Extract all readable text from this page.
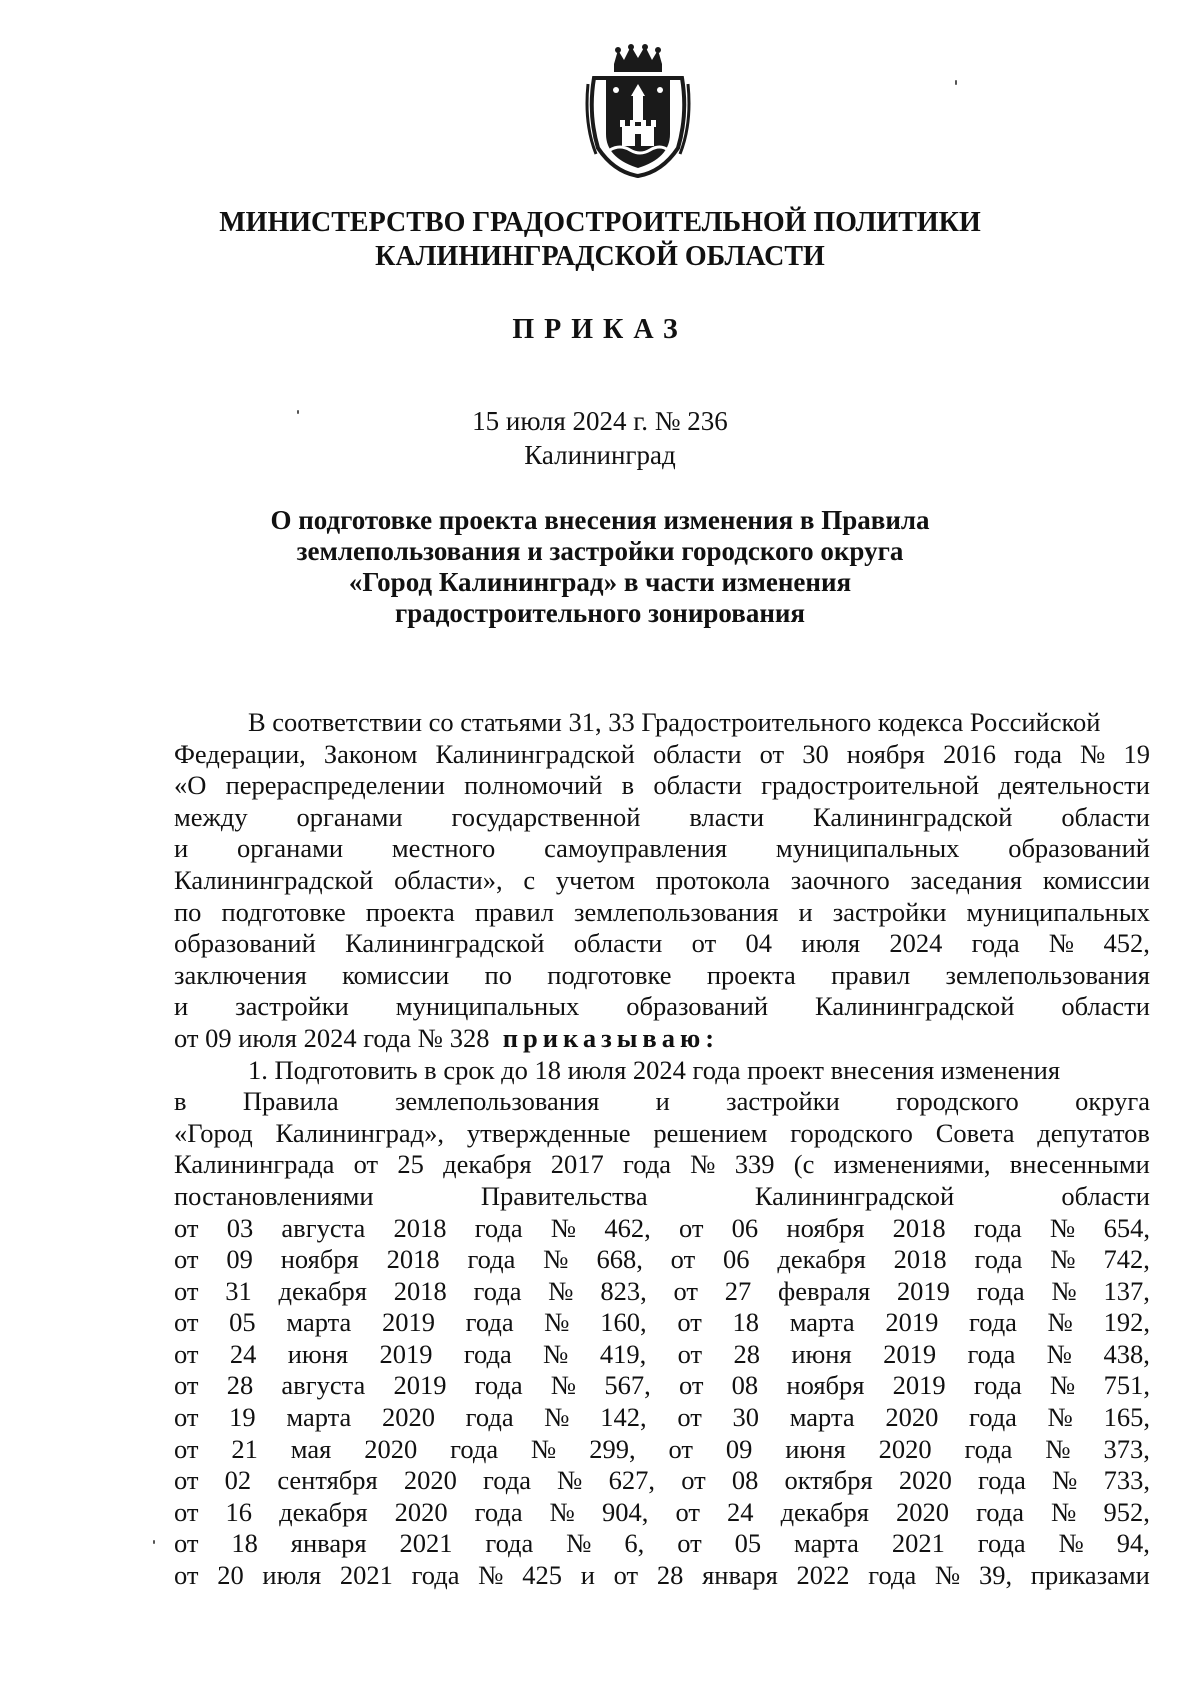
МИНИСТЕРСТВО ГРАДОСТРОИТЕЛЬНОЙ ПОЛИТИКИ
КАЛИНИНГРАДСКОЙ ОБЛАСТИ
ПРИКАЗ
15 июля 2024 г. № 236
Калининград
О подготовке проекта внесения изменения в Правила
землепользования и застройки городского округа
«Город Калининград» в части изменения
градостроительного зонирования
В соответствии со статьями 31, 33 Градостроительного кодекса Российской
Федерации, Законом Калининградской области от 30 ноября 2016 года № 19
«О перераспределении полномочий в области градостроительной деятельности
между органами государственной власти Калининградской области
и органами местного самоуправления муниципальных образований
Калининградской области», с учетом протокола заочного заседания комиссии
по подготовке проекта правил землепользования и застройки муниципальных
образований Калининградской области от 04 июля 2024 года № 452,
заключения комиссии по подготовке проекта правил землепользования
и застройки муниципальных образований Калининградской области
от 09 июля 2024 года № 328 приказываю:
1. Подготовить в срок до 18 июля 2024 года проект внесения изменения
в Правила землепользования и застройки городского округа
«Город Калининград», утвержденные решением городского Совета депутатов
Калининграда от 25 декабря 2017 года № 339 (с изменениями, внесенными
постановлениями	Правительства	Калининградской	области
от 03 августа 2018 года № 462, от 06 ноября 2018 года № 654,
от 09 ноября 2018 года № 668, от 06 декабря 2018 года № 742,
от 31 декабря 2018 года № 823, от 27 февраля 2019 года № 137,
от 05 марта 2019 года № 160, от 18 марта 2019 года № 192,
от 24 июня 2019 года № 419, от 28 июня 2019 года № 438,
от 28 августа 2019 года № 567, от 08 ноября 2019 года № 751,
от 19 марта 2020 года № 142, от 30 марта 2020 года № 165,
от 21 мая 2020 года № 299, от 09 июня 2020 года № 373,
от 02 сентября 2020 года № 627, от 08 октября 2020 года № 733,
от 16 декабря 2020 года № 904, от 24 декабря 2020 года № 952,
от 18 января 2021 года № 6, от 05 марта 2021 года № 94,
от 20 июля 2021 года № 425 и от 28 января 2022 года № 39, приказами
